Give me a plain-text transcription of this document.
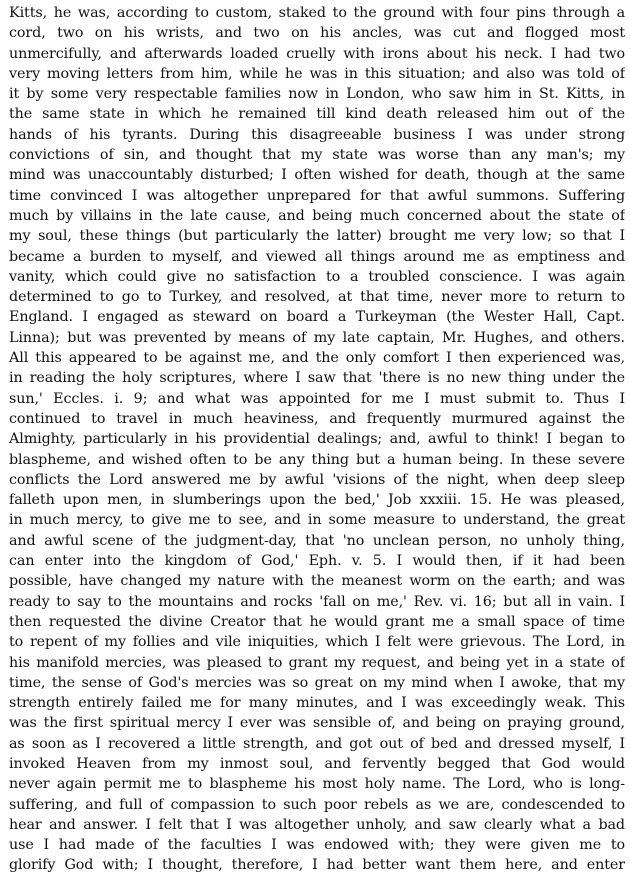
Kitts, he was, according to custom, staked to the ground with four pins through a
cord, two on his wrists, and two on his ancles, was cut and flogged most
unmercifully, and afterwards loaded cruelly with irons about his neck. I had two
very moving letters from him, while he was in this situation; and also was told of
it by some very respectable families now in London, who saw him in St. Kitts, in
the same state in which he remained till kind death released him out of the
hands of his tyrants. During this disagreeable business I was under strong
convictions of sin, and thought that my state was worse than any man's; my
mind was unaccountably disturbed; I often wished for death, though at the same
time convinced I was altogether unprepared for that awful summons. Suffering
much by villains in the late cause, and being much concerned about the state of
my soul, these things (but particularly the latter) brought me very low; so that I
became a burden to myself, and viewed all things around me as emptiness and
vanity, which could give no satisfaction to a troubled conscience. I was again
determined to go to Turkey, and resolved, at that time, never more to return to
England. I engaged as steward on board a Turkeyman (the Wester Hall, Capt.
Linna); but was prevented by means of my late captain, Mr. Hughes, and others.
All this appeared to be against me, and the only comfort I then experienced was,
in reading the holy scriptures, where I saw that 'there is no new thing under the
sun,' Eccles. i. 9; and what was appointed for me I must submit to. Thus I
continued to travel in much heaviness, and frequently murmured against the
Almighty, particularly in his providential dealings; and, awful to think! I began to
blaspheme, and wished often to be any thing but a human being. In these severe
conflicts the Lord answered me by awful 'visions of the night, when deep sleep
falleth upon men, in slumberings upon the bed,' Job xxxiii. 15. He was pleased,
in much mercy, to give me to see, and in some measure to understand, the great
and awful scene of the judgment-day, that 'no unclean person, no unholy thing,
can enter into the kingdom of God,' Eph. v. 5. I would then, if it had been
possible, have changed my nature with the meanest worm on the earth; and was
ready to say to the mountains and rocks 'fall on me,' Rev. vi. 16; but all in vain. I
then requested the divine Creator that he would grant me a small space of time
to repent of my follies and vile iniquities, which I felt were grievous. The Lord, in
his manifold mercies, was pleased to grant my request, and being yet in a state of
time, the sense of God's mercies was so great on my mind when I awoke, that my
strength entirely failed me for many minutes, and I was exceedingly weak. This
was the first spiritual mercy I ever was sensible of, and being on praying ground,
as soon as I recovered a little strength, and got out of bed and dressed myself, I
invoked Heaven from my inmost soul, and fervently begged that God would
never again permit me to blaspheme his most holy name. The Lord, who is long-
suffering, and full of compassion to such poor rebels as we are, condescended to
hear and answer. I felt that I was altogether unholy, and saw clearly what a bad
use I had made of the faculties I was endowed with; they were given me to
glorify God with; I thought, therefore, I had better want them here, and enter
